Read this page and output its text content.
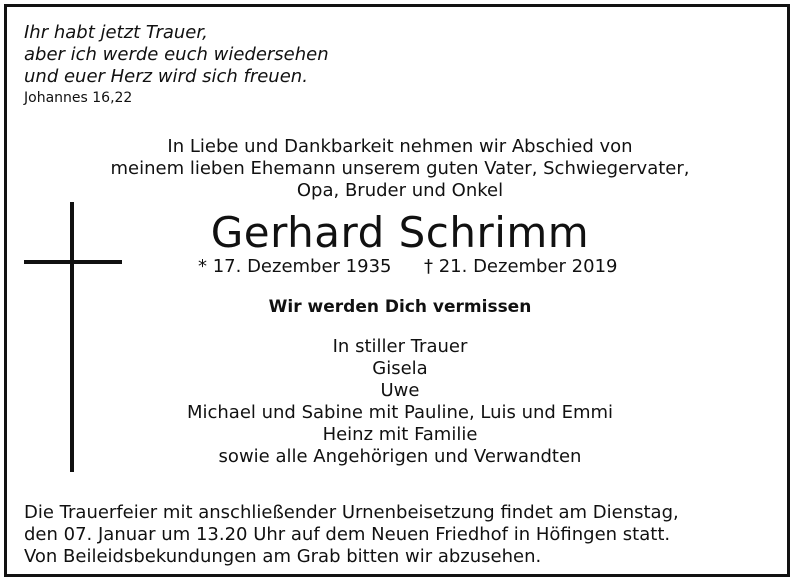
Ihr habt jetzt Trauer,
aber ich werde euch wiedersehen
und euer Herz wird sich freuen.
Johannes 16,22
In Liebe und Dankbarkeit nehmen wir Abschied von
meinem lieben Ehemann unserem guten Vater, Schwiegervater,
Opa, Bruder und Onkel
Gerhard Schrimm
* 17. Dezember 1935 † 21. Dezember 2019
Wir werden Dich vermissen
In stiller Trauer
Gisela
Uwe
Michael und Sabine mit Pauline, Luis und Emmi
Heinz mit Familie
sowie alle Angehörigen und Verwandten
Die Trauerfeier mit anschließender Urnenbeisetzung findet am Dienstag,
den 07. Januar um 13.20 Uhr auf dem Neuen Friedhof in Höfingen statt.
Von Beileidsbekundungen am Grab bitten wir abzusehen.
